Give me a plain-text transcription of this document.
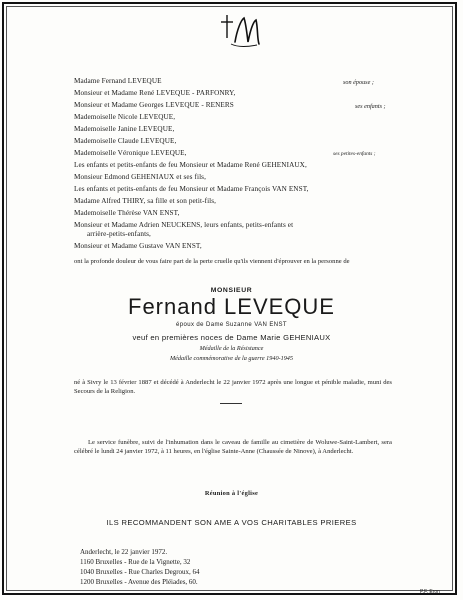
Madame Fernand LEVEQUE	son épouse ;
Monsieur et Madame René LEVEQUE - PARFONRY,
Monsieur et Madame Georges LEVEQUE - RENERS	ses enfants ;
Mademoiselle Nicole LEVEQUE,
Mademoiselle Janine LEVEQUE,
Mademoiselle Claude LEVEQUE,
Mademoiselle Véronique LEVEQUE,	ses petites-enfants ;
Les enfants et petits-enfants de feu Monsieur et Madame René GEHENIAUX,
Monsieur Edmond GEHENIAUX et ses fils,
Les enfants et petits-enfants de feu Monsieur et Madame François VAN ENST,
Madame Alfred THIRY, sa fille et son petit-fils,
Mademoiselle Thérèse VAN ENST,
Monsieur et Madame Adrien NEUCKENS, leurs enfants, petits-enfants et
arrière-petits-enfants,
Monsieur et Madame Gustave VAN ENST,
ont la profonde douleur de vous faire part de la perte cruelle qu'ils viennent d'éprouver en la personne de
MONSIEUR
Fernand LEVEQUE
époux de Dame Suzanne VAN ENST
veuf en premières noces de Dame Marie GEHENIAUX
Médaille de la Résistance
Médaille commémorative de la guerre 1940-1945
né à Sivry le 13 février 1887 et décédé à Anderlecht le 22 janvier 1972 après une longue et pénible maladie, muni des Secours de la Religion.
Le service funèbre, suivi de l'inhumation dans le caveau de famille au cimetière de Woluwe-Saint-Lambert, sera célébré le lundi 24 janvier 1972, à 11 heures, en l'église Sainte-Anne (Chaussée de Ninove), à Anderlecht.
Réunion à l'église
ILS RECOMMANDENT SON AME A VOS CHARITABLES PRIERES
Anderlecht, le 22 janvier 1972.
1160 Bruxelles - Rue de la Vignette, 32
1040 Bruxelles - Rue Charles Degroux, 64
1200 Bruxelles - Avenue des Pléiades, 60.
P.F. Eron
